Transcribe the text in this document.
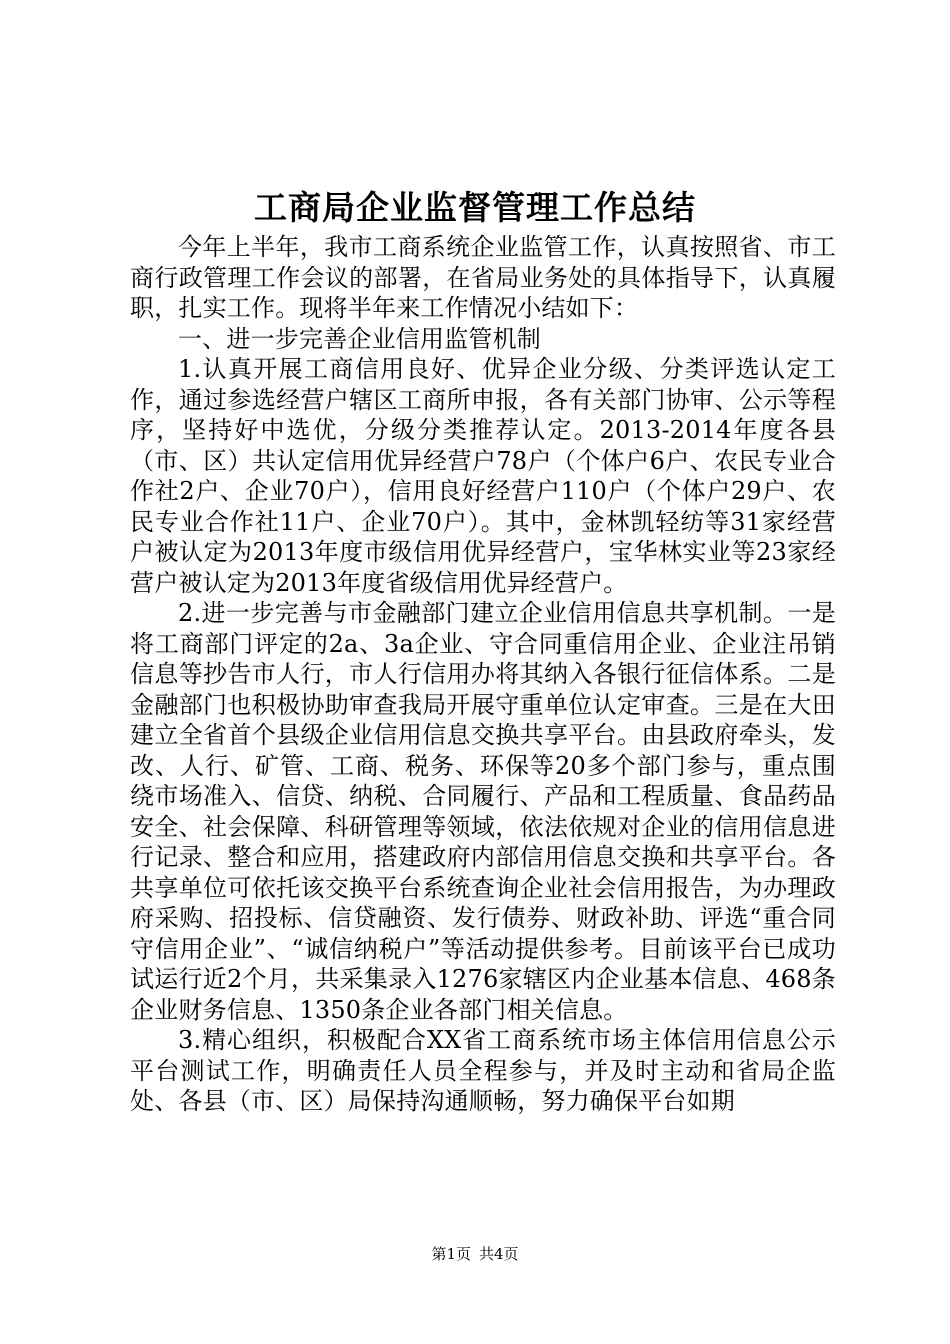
工商局企业监督管理工作总结

今年上半年，我市工商系统企业监管工作，认真按照省、市工商行政管理工作会议的部署，在省局业务处的具体指导下，认真履职，扎实工作。现将半年来工作情况小结如下：

一、进一步完善企业信用监管机制

1.认真开展工商信用良好、优异企业分级、分类评选认定工作，通过参选经营户辖区工商所申报，各有关部门协审、公示等程序，坚持好中选优，分级分类推荐认定。2013-2014年度各县（市、区）共认定信用优异经营户78户（个体户6户、农民专业合作社2户、企业70户），信用良好经营户110户（个体户29户、农民专业合作社11户、企业70户）。其中，金林凯轻纺等31家经营户被认定为2013年度市级信用优异经营户，宝华林实业等23家经营户被认定为2013年度省级信用优异经营户。

2.进一步完善与市金融部门建立企业信用信息共享机制。一是将工商部门评定的2a、3a企业、守合同重信用企业、企业注吊销信息等抄告市人行，市人行信用办将其纳入各银行征信体系。二是金融部门也积极协助审查我局开展守重单位认定审查。三是在大田建立全省首个县级企业信用信息交换共享平台。由县政府牵头，发改、人行、矿管、工商、税务、环保等20多个部门参与，重点围绕市场准入、信贷、纳税、合同履行、产品和工程质量、食品药品安全、社会保障、科研管理等领域，依法依规对企业的信用信息进行记录、整合和应用，搭建政府内部信用信息交换和共享平台。各共享单位可依托该交换平台系统查询企业社会信用报告，为办理政府采购、招投标、信贷融资、发行债券、财政补助、评选“重合同守信用企业”、“诚信纳税户”等活动提供参考。目前该平台已成功试运行近2个月，共采集录入1276家辖区内企业基本信息、468条企业财务信息、1350条企业各部门相关信息。

3.精心组织，积极配合XX省工商系统市场主体信用信息公示平台测试工作，明确责任人员全程参与，并及时主动和省局企监处、各县（市、区）局保持沟通顺畅，努力确保平台如期

第1页 共4页
